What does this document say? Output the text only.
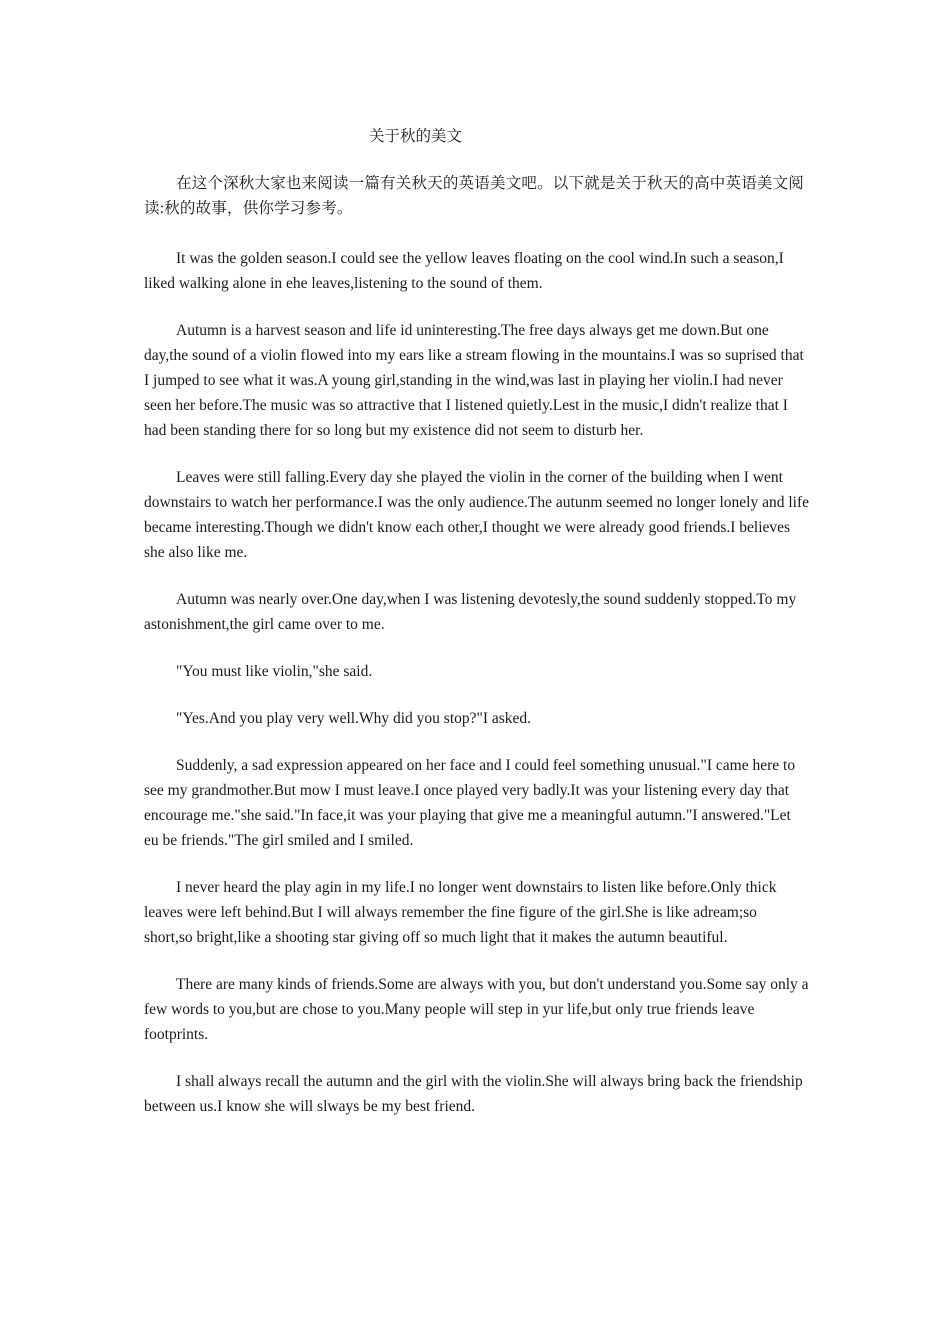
关于秋的美文

在这个深秋大家也来阅读一篇有关秋天的英语美文吧。以下就是关于秋天的高中英语美文阅读:秋的故事，供你学习参考。

It was the golden season.I could see the yellow leaves floating on the cool wind.In such a season,I liked walking alone in ehe leaves,listening to the sound of them.

Autumn is a harvest season and life id uninteresting.The free days always get me down.But one day,the sound of a violin flowed into my ears like a stream flowing in the mountains.I was so suprised that I jumped to see what it was.A young girl,standing in the wind,was last in playing her violin.I had never seen her before.The music was so attractive that I listened quietly.Lest in the music,I didn't realize that I had been standing there for so long but my existence did not seem to disturb her.

Leaves were still falling.Every day she played the violin in the corner of the building when I went downstairs to watch her performance.I was the only audience.The autunm seemed no longer lonely and life became interesting.Though we didn't know each other,I thought we were already good friends.I believes she also like me.

Autumn was nearly over.One day,when I was listening devotesly,the sound suddenly stopped.To my astonishment,the girl came over to me.

"You must like violin,"she said.

"Yes.And you play very well.Why did you stop?"I asked.

Suddenly, a sad expression appeared on her face and I could feel something unusual."I came here to see my grandmother.But mow I must leave.I once played very badly.It was your listening every day that encourage me."she said."In face,it was your playing that give me a meaningful autumn."I answered."Let eu be friends."The girl smiled and I smiled.

I never heard the play agin in my life.I no longer went downstairs to listen like before.Only thick leaves were left behind.But I will always remember the fine figure of the girl.She is like adream;so short,so bright,like a shooting star giving off so much light that it makes the autumn beautiful.

There are many kinds of friends.Some are always with you, but don't understand you.Some say only a few words to you,but are chose to you.Many people will step in yur life,but only true friends leave footprints.

I shall always recall the autumn and the girl with the violin.She will always bring back the friendship between us.I know she will slways be my best friend.
